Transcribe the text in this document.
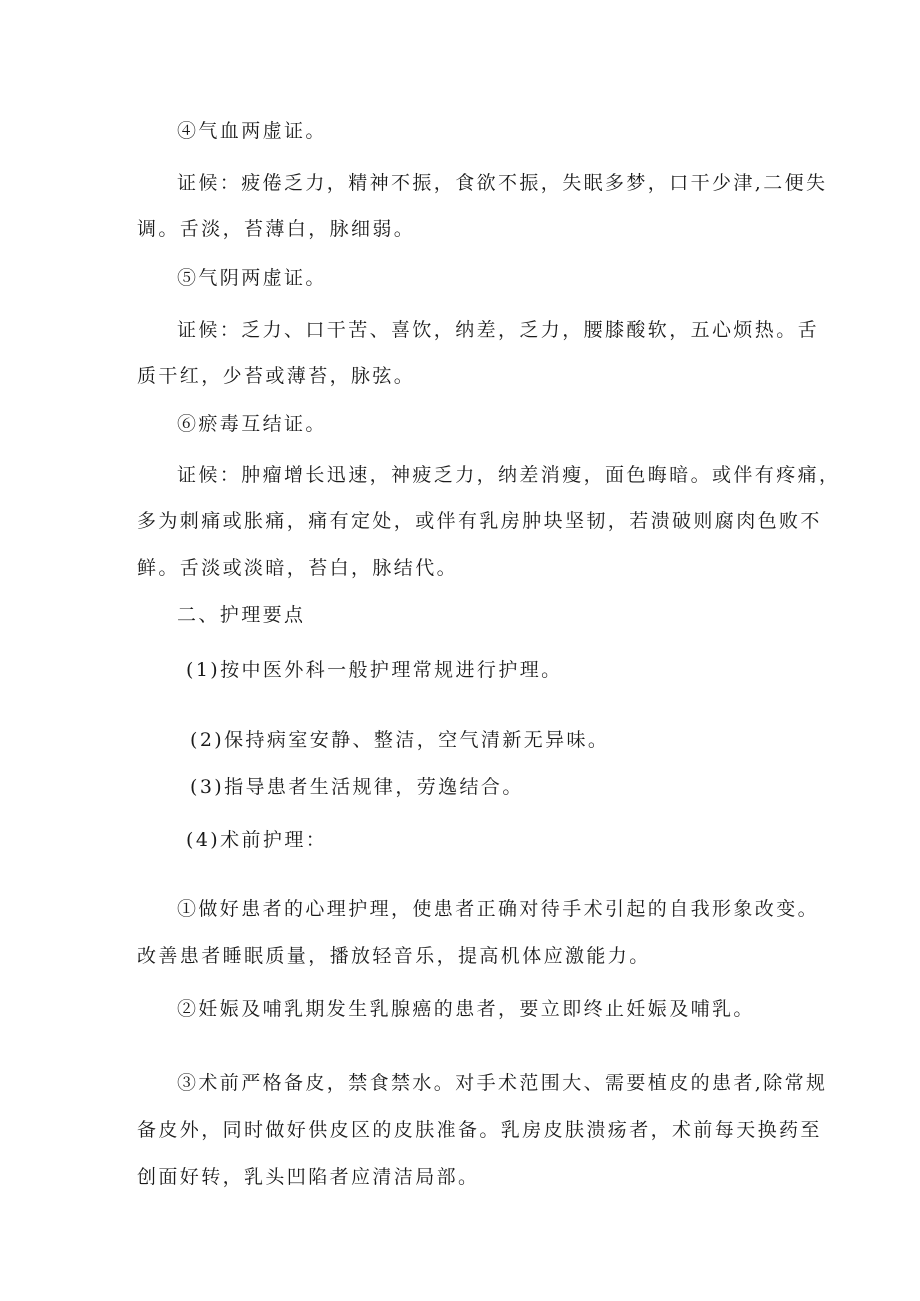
④气血两虚证。
证候：疲倦乏力，精神不振，食欲不振，失眠多梦，口干少津,二便失
调。舌淡，苔薄白，脉细弱。
⑤气阴两虚证。
证候：乏力、口干苦、喜饮，纳差，乏力，腰膝酸软，五心烦热。舌
质干红，少苔或薄苔，脉弦。
⑥瘀毒互结证。
证候：肿瘤增长迅速，神疲乏力，纳差消瘦，面色晦暗。或伴有疼痛，
多为刺痛或胀痛，痛有定处，或伴有乳房肿块坚韧，若溃破则腐肉色败不
鲜。舌淡或淡暗，苔白，脉结代。
二、护理要点
(1)按中医外科一般护理常规进行护理。
(2)保持病室安静、整洁，空气清新无异味。
(3)指导患者生活规律，劳逸结合。
(4)术前护理：
①做好患者的心理护理，使患者正确对待手术引起的自我形象改变。
改善患者睡眠质量，播放轻音乐，提高机体应激能力。
②妊娠及哺乳期发生乳腺癌的患者，要立即终止妊娠及哺乳。
③术前严格备皮，禁食禁水。对手术范围大、需要植皮的患者,除常规
备皮外，同时做好供皮区的皮肤准备。乳房皮肤溃疡者，术前每天换药至
创面好转，乳头凹陷者应清洁局部。
